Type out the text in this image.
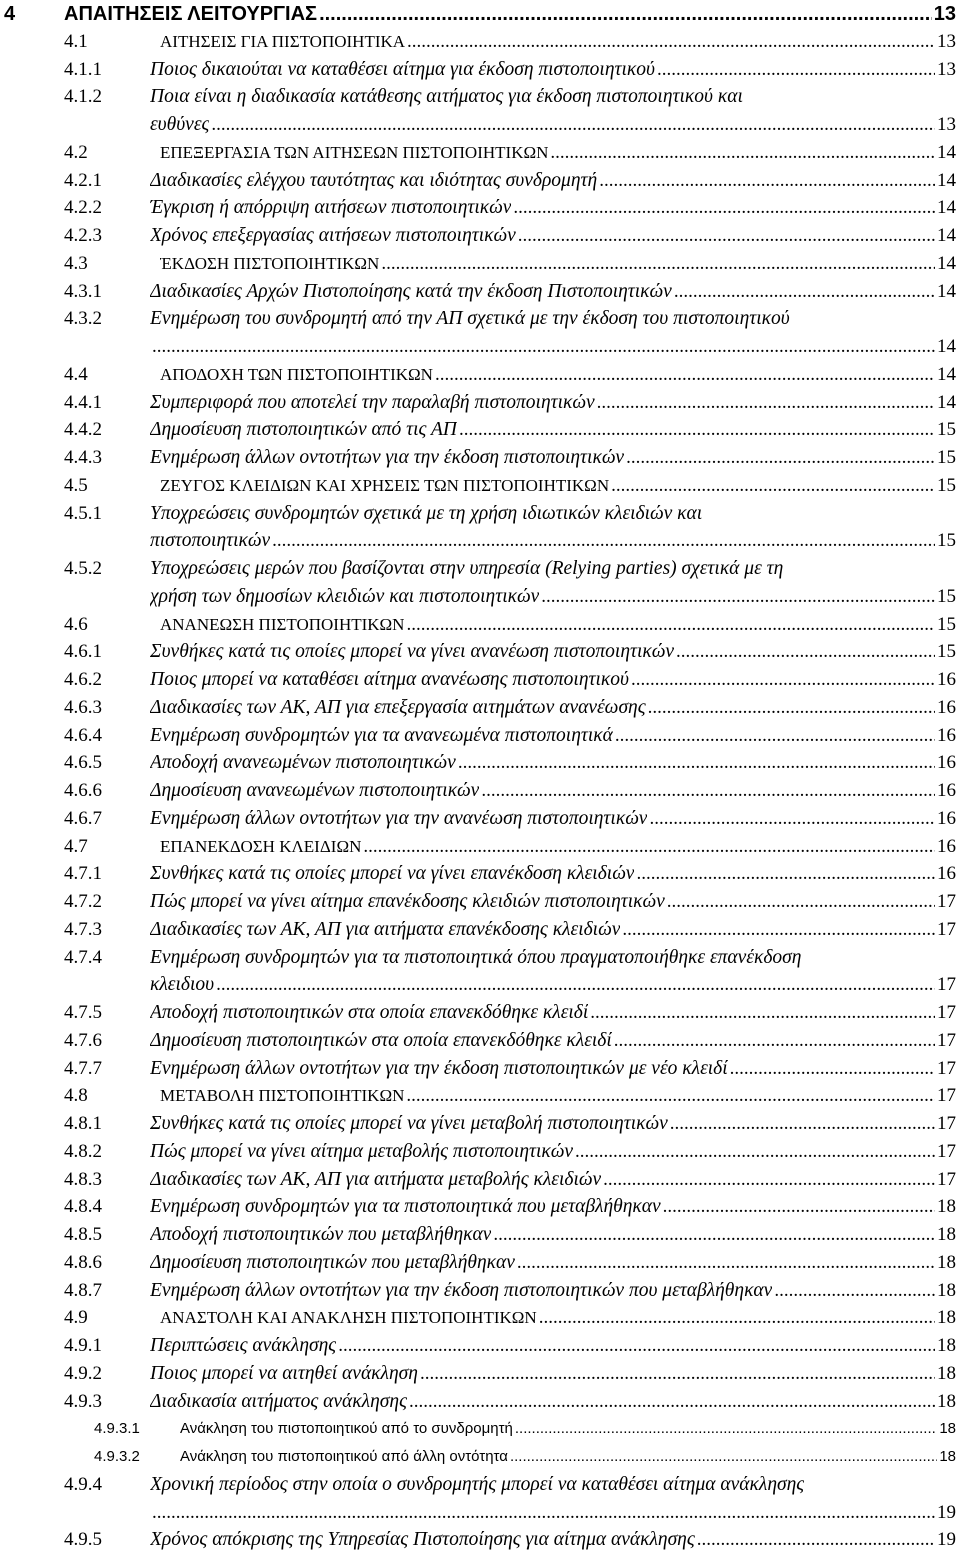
4 ΑΠΑΙΤΗΣΕΙΣ ΛΕΙΤΟΥΡΓΙΑΣ	13
.....
4.1	ΑΙΤΗΣΕΙΣ ΓΙΑ ΠΙΣΤΟΠΟΙΗΤΙΚΑ	13
.....
4.1.1 Ποιος δικαιούται να καταθέσει αίτημα για έκδοση πιστοποιητικού	13
.....
4.1.2 Ποια είναι η διαδικασία κατάθεσης αιτήματος για έκδοση πιστοποιητικού και
ευθύνες	13
.....
4.2	ΕΠΕΞΕΡΓΑΣΙΑ ΤΩΝ ΑΙΤΗΣΕΩΝ ΠΙΣΤΟΠΟΙΗΤΙΚΩΝ	14
.....
4.2.1 Διαδικασίες ελέγχου ταυτότητας και ιδιότητας συνδρομητή	14
.....
4.2.2 Έγκριση ή απόρριψη αιτήσεων πιστοποιητικών	14
.....
4.2.3 Χρόνος επεξεργασίας αιτήσεων πιστοποιητικών	14
.....
4.3	ΈΚΔΟΣΗ ΠΙΣΤΟΠΟΙΗΤΙΚΩΝ	14
.....
4.3.1 Διαδικασίες Αρχών Πιστοποίησης κατά την έκδοση Πιστοποιητικών	14
.....
4.3.2 Ενημέρωση του συνδρομητή από την ΑΠ σχετικά με την έκδοση του πιστοποιητικού
14
.....
4.4	ΑΠΟΔΟΧΗ ΤΩΝ ΠΙΣΤΟΠΟΙΗΤΙΚΩΝ	14
.....
4.4.1 Συμπεριφορά που αποτελεί την παραλαβή πιστοποιητικών	14
.....
4.4.2 Δημοσίευση πιστοποιητικών από τις ΑΠ	15
.....
4.4.3 Ενημέρωση άλλων οντοτήτων για την έκδοση πιστοποιητικών	15
.....
4.5	ΖΕΥΓΟΣ ΚΛΕΙΔΙΩΝ ΚΑΙ ΧΡΗΣΕΙΣ ΤΩΝ ΠΙΣΤΟΠΟΙΗΤΙΚΩΝ	15
.....
4.5.1 Υποχρεώσεις συνδρομητών σχετικά με τη χρήση ιδιωτικών κλειδιών και
πιστοποιητικών	15
.....
4.5.2 Υποχρεώσεις μερών που βασίζονται στην υπηρεσία (Relying parties) σχετικά με τη
χρήση των δημοσίων κλειδιών και πιστοποιητικών	15
.....
4.6	ΑΝΑΝΕΩΣΗ ΠΙΣΤΟΠΟΙΗΤΙΚΩΝ	15
.....
4.6.1 Συνθήκες κατά τις οποίες μπορεί να γίνει ανανέωση πιστοποιητικών	15
.....
4.6.2 Ποιος μπορεί να καταθέσει αίτημα ανανέωσης πιστοποιητικού	16
.....
4.6.3 Διαδικασίες των ΑΚ, ΑΠ για επεξεργασία αιτημάτων ανανέωσης	16
.....
4.6.4 Ενημέρωση συνδρομητών για τα ανανεωμένα πιστοποιητικά	16
.....
4.6.5 Αποδοχή ανανεωμένων πιστοποιητικών	16
.....
4.6.6 Δημοσίευση ανανεωμένων πιστοποιητικών	16
.....
4.6.7 Ενημέρωση άλλων οντοτήτων για την ανανέωση πιστοποιητικών	16
.....
4.7	ΕΠΑΝΕΚΔΟΣΗ ΚΛΕΙΔΙΩΝ	16
.....
4.7.1 Συνθήκες κατά τις οποίες μπορεί να γίνει επανέκδοση κλειδιών	16
.....
4.7.2 Πώς μπορεί να γίνει αίτημα επανέκδοσης κλειδιών πιστοποιητικών	17
.....
4.7.3 Διαδικασίες των ΑΚ, ΑΠ για αιτήματα επανέκδοσης κλειδιών	17
.....
4.7.4 Ενημέρωση συνδρομητών για τα πιστοποιητικά όπου πραγματοποιήθηκε επανέκδοση
κλειδιου	17
.....
4.7.5 Αποδοχή πιστοποιητικών στα οποία επανεκδόθηκε κλειδί	17
.....
4.7.6 Δημοσίευση πιστοποιητικών στα οποία επανεκδόθηκε κλειδί	17
.....
4.7.7 Ενημέρωση άλλων οντοτήτων για την έκδοση πιστοποιητικών με νέο κλειδί	17
.....
4.8	ΜΕΤΑΒΟΛΗ ΠΙΣΤΟΠΟΙΗΤΙΚΩΝ	17
.....
4.8.1 Συνθήκες κατά τις οποίες μπορεί να γίνει μεταβολή πιστοποιητικών	17
.....
4.8.2 Πώς μπορεί να γίνει αίτημα μεταβολής πιστοποιητικών	17
.....
4.8.3 Διαδικασίες των ΑΚ, ΑΠ για αιτήματα μεταβολής κλειδιών	17
.....
4.8.4 Ενημέρωση συνδρομητών για τα πιστοποιητικά που μεταβλήθηκαν	18
.....
4.8.5 Αποδοχή πιστοποιητικών που μεταβλήθηκαν	18
.....
4.8.6 Δημοσίευση πιστοποιητικών που μεταβλήθηκαν	18
.....
4.8.7 Ενημέρωση άλλων οντοτήτων για την έκδοση πιστοποιητικών που μεταβλήθηκαν	18
.....
4.9	ΑΝΑΣΤΟΛΗ ΚΑΙ ΑΝΑΚΛΗΣΗ ΠΙΣΤΟΠΟΙΗΤΙΚΩΝ	18
.....
4.9.1 Περιπτώσεις ανάκλησης	18
.....
4.9.2 Ποιος μπορεί να αιτηθεί ανάκληση	18
.....
4.9.3 Διαδικασία αιτήματος ανάκλησης	18
.....
4.9.3.1	Ανάκληση του πιστοποιητικού από το συνδρομητή	18
.....
4.9.3.2	Ανάκληση του πιστοποιητικού από άλλη οντότητα	18
.....
4.9.4 Χρονική περίοδος στην οποία ο συνδρομητής μπορεί να καταθέσει αίτημα ανάκλησης
19
.....
4.9.5 Χρόνος απόκρισης της Υπηρεσίας Πιστοποίησης για αίτημα ανάκλησης	19
.....
